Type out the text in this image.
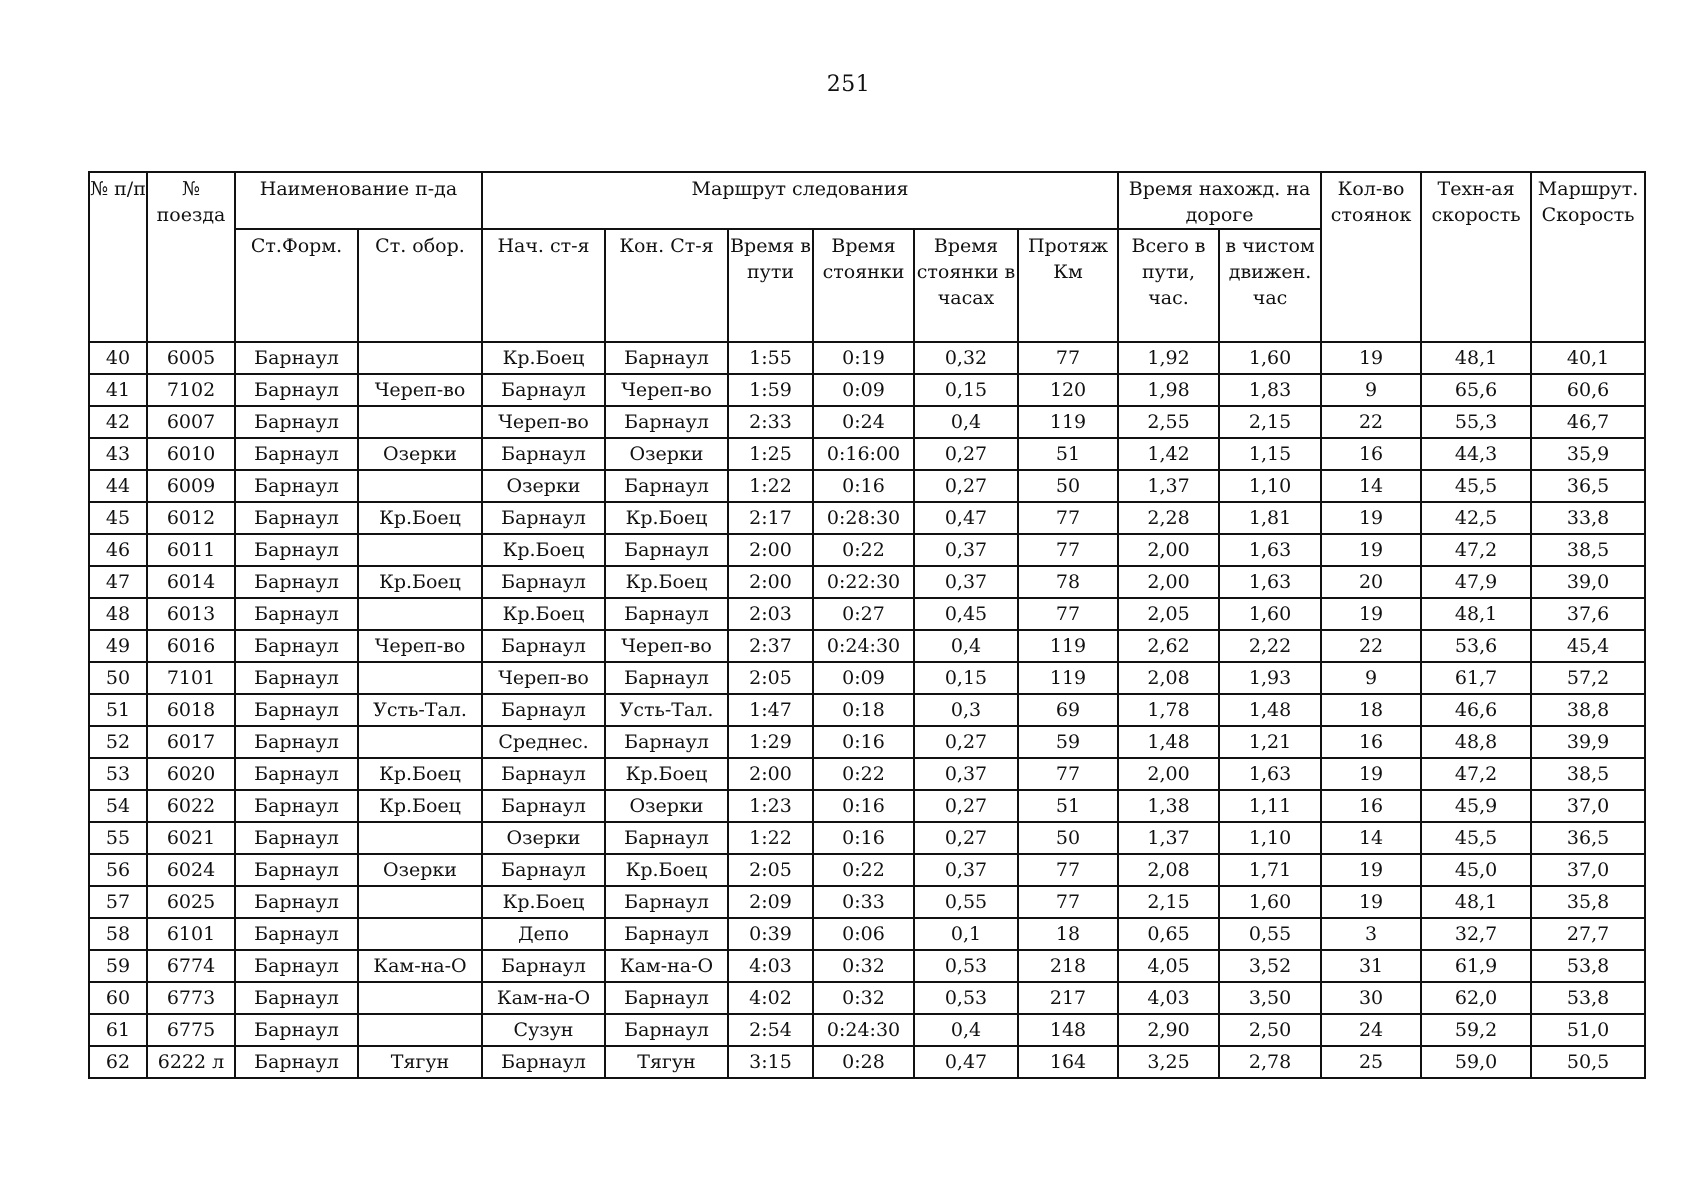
251
№ п/п	№ поезда	Наименование п-да		Маршрут следования						Время нахожд. на дороге		Кол-во стоянок	Техн-ая скорость	Маршрут. Скорость
		Ст.Форм.	Ст. обор.	Нач. ст-я	Кон. Ст-я	Время в пути	Время стоянки	Время стоянки в часах	Протяж Км	Всего в пути, час.	в чистом движен. час			
40	6005	Барнаул		Кр.Боец	Барнаул	1:55	0:19	0,32	77	1,92	1,60	19	48,1	40,1
41	7102	Барнаул	Череп-во	Барнаул	Череп-во	1:59	0:09	0,15	120	1,98	1,83	9	65,6	60,6
42	6007	Барнаул		Череп-во	Барнаул	2:33	0:24	0,4	119	2,55	2,15	22	55,3	46,7
43	6010	Барнаул	Озерки	Барнаул	Озерки	1:25	0:16:00	0,27	51	1,42	1,15	16	44,3	35,9
44	6009	Барнаул		Озерки	Барнаул	1:22	0:16	0,27	50	1,37	1,10	14	45,5	36,5
45	6012	Барнаул	Кр.Боец	Барнаул	Кр.Боец	2:17	0:28:30	0,47	77	2,28	1,81	19	42,5	33,8
46	6011	Барнаул		Кр.Боец	Барнаул	2:00	0:22	0,37	77	2,00	1,63	19	47,2	38,5
47	6014	Барнаул	Кр.Боец	Барнаул	Кр.Боец	2:00	0:22:30	0,37	78	2,00	1,63	20	47,9	39,0
48	6013	Барнаул		Кр.Боец	Барнаул	2:03	0:27	0,45	77	2,05	1,60	19	48,1	37,6
49	6016	Барнаул	Череп-во	Барнаул	Череп-во	2:37	0:24:30	0,4	119	2,62	2,22	22	53,6	45,4
50	7101	Барнаул		Череп-во	Барнаул	2:05	0:09	0,15	119	2,08	1,93	9	61,7	57,2
51	6018	Барнаул	Усть-Тал.	Барнаул	Усть-Тал.	1:47	0:18	0,3	69	1,78	1,48	18	46,6	38,8
52	6017	Барнаул		Среднес.	Барнаул	1:29	0:16	0,27	59	1,48	1,21	16	48,8	39,9
53	6020	Барнаул	Кр.Боец	Барнаул	Кр.Боец	2:00	0:22	0,37	77	2,00	1,63	19	47,2	38,5
54	6022	Барнаул	Кр.Боец	Барнаул	Озерки	1:23	0:16	0,27	51	1,38	1,11	16	45,9	37,0
55	6021	Барнаул		Озерки	Барнаул	1:22	0:16	0,27	50	1,37	1,10	14	45,5	36,5
56	6024	Барнаул	Озерки	Барнаул	Кр.Боец	2:05	0:22	0,37	77	2,08	1,71	19	45,0	37,0
57	6025	Барнаул		Кр.Боец	Барнаул	2:09	0:33	0,55	77	2,15	1,60	19	48,1	35,8
58	6101	Барнаул		Депо	Барнаул	0:39	0:06	0,1	18	0,65	0,55	3	32,7	27,7
59	6774	Барнаул	Кам-на-О	Барнаул	Кам-на-О	4:03	0:32	0,53	218	4,05	3,52	31	61,9	53,8
60	6773	Барнаул		Кам-на-О	Барнаул	4:02	0:32	0,53	217	4,03	3,50	30	62,0	53,8
61	6775	Барнаул		Сузун	Барнаул	2:54	0:24:30	0,4	148	2,90	2,50	24	59,2	51,0
62	6222 л	Барнаул	Тягун	Барнаул	Тягун	3:15	0:28	0,47	164	3,25	2,78	25	59,0	50,5
